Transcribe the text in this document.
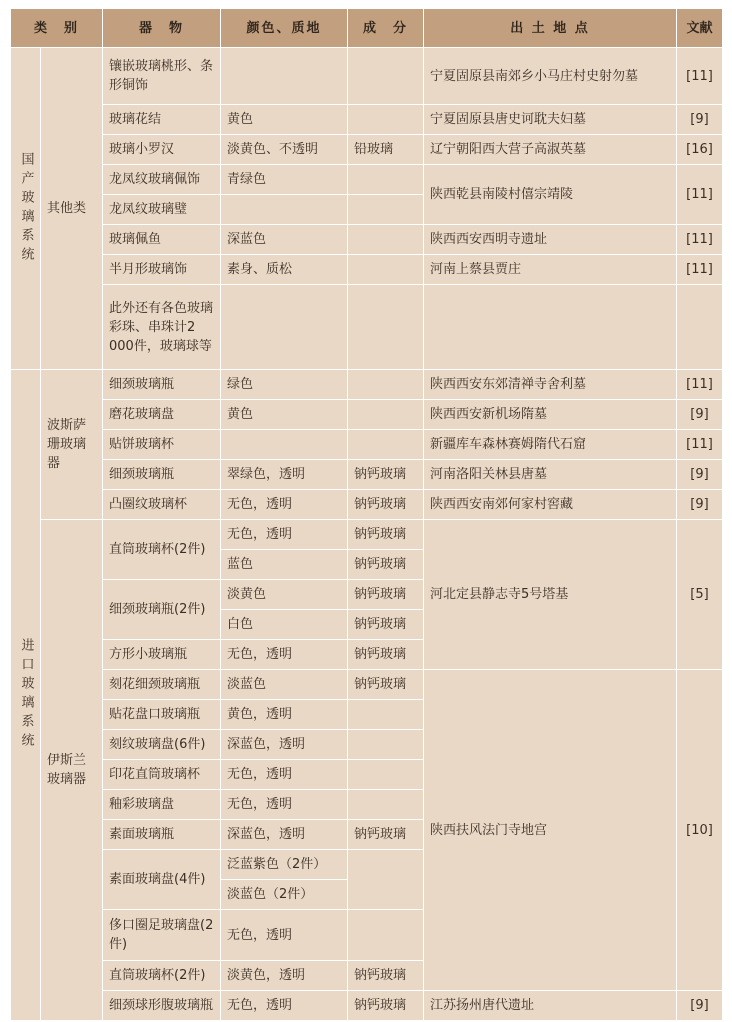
类　别		器　物	颜色、质地	成　分	出 土 地 点	文献
国产玻璃系统	其他类	镶嵌玻璃桃形、条形铜饰			宁夏固原县南郊乡小马庄村史射勿墓	[11]
		玻璃花结	黄色		宁夏固原县唐史诃耽夫妇墓	[9]
		玻璃小罗汉	淡黄色、不透明	铅玻璃	辽宁朝阳西大营子高淑英墓	[16]
		龙凤纹玻璃佩饰	青绿色		陕西乾县南陵村僖宗靖陵	[11]
		龙凤纹玻璃璧				
		玻璃佩鱼	深蓝色		陕西西安西明寺遗址	[11]
		半月形玻璃饰	素身、质松		河南上蔡县贾庄	[11]
		此外还有各色玻璃彩珠、串珠计2 000件，玻璃球等				
进口玻璃系统	波斯萨珊玻璃器	细颈玻璃瓶	绿色		陕西西安东郊清禅寺舍利墓	[11]
		磨花玻璃盘	黄色		陕西西安新机场隋墓	[9]
		贴饼玻璃杯			新疆库车森林赛姆隋代石窟	[11]
		细颈玻璃瓶	翠绿色，透明	钠钙玻璃	河南洛阳关林县唐墓	[9]
		凸圈纹玻璃杯	无色，透明	钠钙玻璃	陕西西安南郊何家村窖藏	[9]
	伊斯兰玻璃器	直筒玻璃杯(2件)	无色，透明	钠钙玻璃	河北定县静志寺5号塔基	[5]
			蓝色	钠钙玻璃		
		细颈玻璃瓶(2件)	淡黄色	钠钙玻璃		
			白色	钠钙玻璃		
		方形小玻璃瓶	无色，透明	钠钙玻璃		
		刻花细颈玻璃瓶	淡蓝色	钠钙玻璃	陕西扶风法门寺地宫	[10]
		贴花盘口玻璃瓶	黄色，透明			
		刻纹玻璃盘(6件)	深蓝色，透明			
		印花直筒玻璃杯	无色，透明			
		釉彩玻璃盘	无色，透明			
		素面玻璃瓶	深蓝色，透明	钠钙玻璃		
		素面玻璃盘(4件)	泛蓝紫色（2件）			
			淡蓝色（2件）			
		侈口圈足玻璃盘(2件)	无色，透明			
		直筒玻璃杯(2件)	淡黄色，透明	钠钙玻璃		
		细颈球形腹玻璃瓶	无色，透明	钠钙玻璃	江苏扬州唐代遗址	[9]
